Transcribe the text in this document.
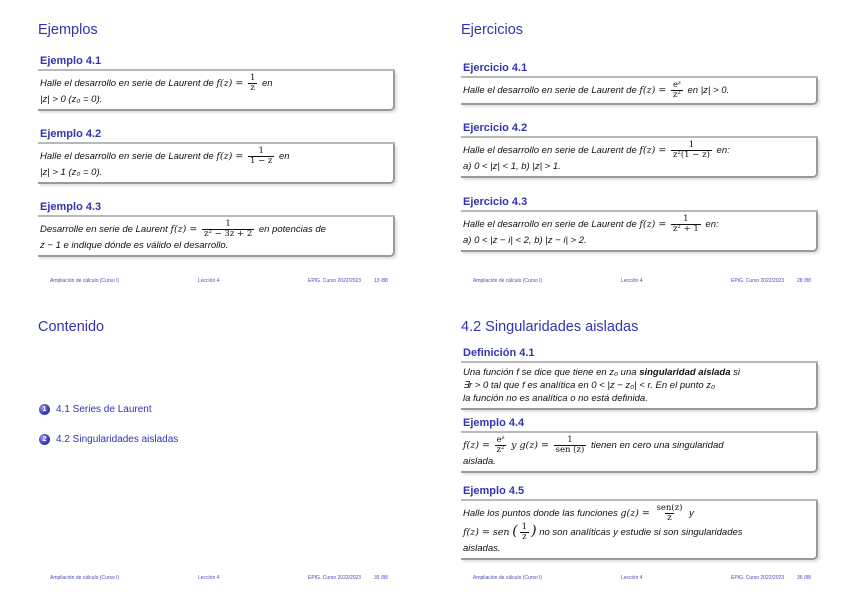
Ejemplos
Ejemplo 4.1
Halle el desarrollo en serie de Laurent de $f(z) = \frac{1}{z}$ en
|z| > 0 (z₀ = 0).
Ejemplo 4.2
Halle el desarrollo en serie de Laurent de $f(z) = \frac{1}{1 - z}$ en
|z| > 1 (z₀ = 0).
Ejemplo 4.3
Desarrolle en serie de Laurent $f(z) = \frac{1}{\text{z² − 3z + 2}}$ en potencias de
z − 1 e indique dónde es válido el desarrollo.
Ampliación de cálculo (Curso I)	Lección 4	EPIG. Curso 2022/2023	13 /88
Ejercicios
Ejercicio 4.1
Halle el desarrollo en serie de Laurent de $f(z) = \frac{\text{eᶻ}}{\text{z²}}$ en |z| > 0.
Ejercicio 4.2
Halle el desarrollo en serie de Laurent de $f(z) = \frac{1}{\text{z²(1 − z)}}$ en:
a) 0 < |z| < 1, b) |z| > 1.
Ejercicio 4.3
Halle el desarrollo en serie de Laurent de $f(z) = \frac{1}{\text{z² + 1}}$ en:
a) 0 < |z − i| < 2, b) |z − i| > 2.
Ampliación de cálculo (Curso I)	Lección 4	EPIG. Curso 2022/2023	28 /88
Contenido
1 4.1 Series de Laurent
2 4.2 Singularidades aisladas
Ampliación de cálculo (Curso I)	Lección 4	EPIG. Curso 2022/2023	35 /88
4.2 Singularidades aisladas
Definición 4.1
Una función f se dice que tiene en z₀ una singularidad aislada si
∃r > 0 tal que f es analítica en 0 < |z − z₀| < r. En el punto z₀
la función no es analítica o no está definida.
Ejemplo 4.4
$f(z) = \frac{\text{eᶻ}}{\text{z²}}$ y $g(z) = \frac{1}{\text{sen (z)}}$ tienen en cero una singularidad
aislada.
Ejemplo 4.5
Halle los puntos donde las funciones $g(z) = \frac{\text{sen(z)}}{z}$ y
f(z) = sen ( $\frac{1}{z}$ ) no son analíticas y estudie si son singularidades
aisladas.
Ampliación de cálculo (Curso I)	Lección 4	EPIG. Curso 2022/2023	36 /88
